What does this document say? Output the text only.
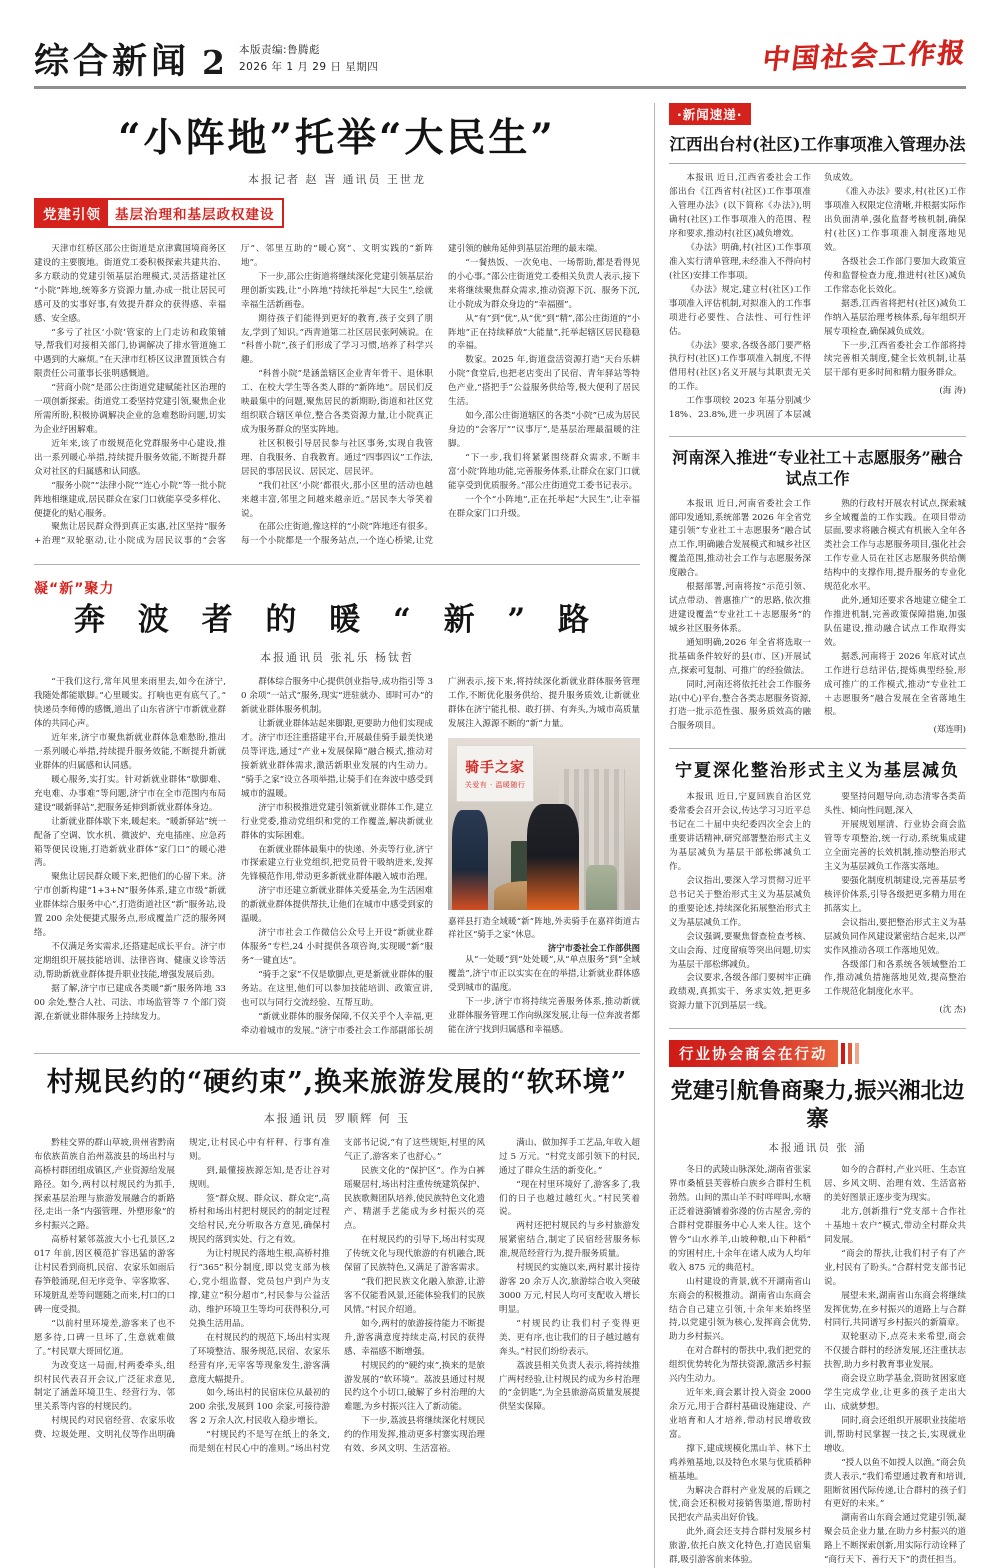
综合新闻 2 本版责编:鲁腾彪
2026 年 1 月 29 日 星期四	中国社会工作报
“小阵地”托举“大民生”
本报记者 赵 旾 通讯员 王世龙
党建引领	基层治理和基层政权建设

天津市红桥区邵公庄街道是京津冀国境商务区建设的主要腹地。街道党工委积极探索共建共治、多方联动的党建引领基层治理模式,灵活搭建社区“小院”阵地,统筹多方资源力量,办成一批让居民可感可及的实事好事,有效提升群众的获得感、幸福感、安全感。

“多亏了社区‘小院’管家的上门走访和政策辅导,帮我们对接相关部门,协调解决了排水管道施工中遇到的大麻烦。”在天津市红桥区议津置顶铁合有限责任公司董事长张明感慨道。

“营商小院”是邵公庄街道党建赋能社区治理的一项创新探索。街道党工委坚持党建引领,聚焦企业所需所盼,积极协调解决企业的急难愁盼问题,切实为企业纾困解难。

近年来,该了市级规范化党群服务中心建设,推出一系列暖心举措,持续提升服务效能,不断提升群众对社区的归属感和认同感。

“服务小院”“法律小院”“连心小院”等一批小院阵地相继建成,居民群众在家门口就能享受多样化、便捷化的贴心服务。

聚焦让居民群众得到真正实惠,社区坚持“服务+治理”双轮驱动,让小院成为居民议事的“会客厅”、邻里互助的“暖心窝”、文明实践的“新阵地”。

下一步,邵公庄街道将继续深化党建引领基层治理创新实践,让“小阵地”持续托举起“大民生”,绘就幸福生活新画卷。

期待孩子们能得到更好的教育,孩子交到了朋友,学到了知识。”西青道第二社区居民张阿姨说。在“科普小院”,孩子们形成了学习习惯,培养了科学兴趣。

“科普小院”是涵盖辖区企业青年骨干、退休职工、在校大学生等各类人群的“新阵地”。居民们反映最集中的问题,聚焦居民的新期盼,街道和社区党组织联合辖区单位,整合各类资源力量,让小院真正成为服务群众的坚实阵地。

社区积极引导居民参与社区事务,实现自我管理、自我服务、自我教育。通过“四事四议”工作法,居民的事居民议、居民定、居民评。

“我们社区‘小院’都很火,那小区里的活动也越来越丰富,邻里之间越来越亲近。”居民李大爷笑着说。

在邵公庄街道,像这样的“小院”阵地还有很多。每一个小院都是一个服务站点,一个连心桥梁,让党建引领的触角延伸到基层治理的最末端。

“一餐热饭、一次免电、一场帮助,都是看得见的小心事。”邵公庄街道党工委相关负责人表示,接下来将继续聚焦群众需求,推动资源下沉、服务下沉,让小院成为群众身边的“幸福圈”。

从“有”到“优”,从“优”到“精”,邵公庄街道的“小阵地”正在持续释放“大能量”,托举起辖区居民稳稳的幸福。

数家。2025 年,街道盘活资源打造“天台乐耕小院”食堂后,也把老店变出了民宿、青年驿站等特色产业,“搭把手”公益服务供给等,极大便利了居民生活。

如今,邵公庄街道辖区的各类“小院”已成为居民身边的“会客厅”“议事厅”,是基层治理最温暖的注脚。

“下一步,我们将紧紧围绕群众需求,不断丰富‘小院’阵地功能,完善服务体系,让群众在家门口就能享受到优质服务。”邵公庄街道党工委书记表示。

一个个“小阵地”,正在托举起“大民生”,让幸福在群众家门口升级。

凝“新”聚力
奔 波 者 的 暖 “ 新 ” 路
本报通讯员 张礼乐 杨钛哲

“干我们这行,常年风里来雨里去,如今在济宁,我随处都能歇脚。”心里暖实。打响也更有底气了。”快递员李师傅的感慨,道出了山东省济宁市新就业群体的共同心声。

近年来,济宁市聚焦新就业群体急难愁盼,推出一系列暖心举措,持续提升服务效能,不断提升新就业群体的归属感和认同感。

暖心服务,实打实。针对新就业群体“歇脚难、充电难、办事难”等问题,济宁市在全市范围内布局建设“暖新驿站”,把服务延伸到新就业群体身边。

让新就业群体歇下来,暖起来。“暖新驿站”统一配备了空调、饮水机、微波炉、充电插座、应急药箱等便民设施,打造新就业群体“家门口”的暖心港湾。

聚焦让居民群众暖下来,把他们的心留下来。济宁市创新构建“1+3+N”服务体系,建立市级“新就业群体综合服务中心”,打造街道社区“新”服务站,设置 200 余处便捷式服务点,形成覆盖广泛的服务网络。

不仅满足务实需求,还搭建起成长平台。济宁市定期组织开展技能培训、法律咨询、健康义诊等活动,帮助新就业群体提升职业技能,增强发展后劲。

据了解,济宁市已建成各类暖“新”服务阵地 3300 余处,整合人社、司法、市场监管等 7 个部门资源,在新就业群体服务上持续发力。

群体综合服务中心提供创业指导,成功指引等 30 余项“一站式”服务,现实“进驻就办、即时可办”的新就业群体服务机制。

让新就业群体站起来脚跟,更要助力他们实现成才。济宁市还注重搭建平台,开展最佳骑手最美快递员等评选,通过“产业+发展保障”融合模式,推动对接新就业群体需求,激活新职业发展的内生动力。“骑手之家”设立各项举措,让骑手们在奔波中感受到城市的温暖。

济宁市积极推进党建引领新就业群体工作,建立行业党委,推动党组织和党的工作覆盖,解决新就业群体的实际困难。

在新就业群体最集中的快递、外卖等行业,济宁市探索建立行业党组织,把党员骨干吸纳进来,发挥先锋模范作用,带动更多新就业群体融入城市治理。

济宁市还建立新就业群体关爱基金,为生活困难的新就业群体提供帮扶,让他们在城市中感受到家的温暖。

济宁市社会工作微信公众号上开设“新就业群体服务”专栏,24 小时提供各项咨询,实现暖“新”服务“一键直达”。

“骑手之家”不仅是歇脚点,更是新就业群体的服务站。在这里,他们可以参加技能培训、政策宣讲,也可以与同行交流经验、互帮互助。

“新就业群体的服务保障,不仅关乎个人幸福,更牵动着城市的发展。”济宁市委社会工作部副部长胡广洲表示,接下来,将持续深化新就业群体服务管理工作,不断优化服务供给、提升服务质效,让新就业群体在济宁能扎根、敢打拼、有奔头,为城市高质量发展注入源源不断的“新”力量。

骑手之家
关爱有 · 温暖随行
嘉祥县打造全域暖“新”阵地,外卖骑手在嘉祥街道古祥社区“骑手之家”休息。
济宁市委社会工作部供图

从“一处暖”到“处处暖”,从“单点服务”到“全域覆盖”,济宁市正以实实在在的举措,让新就业群体感受到城市的温度。

下一步,济宁市将持续完善服务体系,推动新就业群体服务管理工作向纵深发展,让每一位奔波者都能在济宁找到归属感和幸福感。

村规民约的“硬约束”,换来旅游发展的“软环境”
本报通讯员 罗顺辉 何 玉

黔桂交界的群山草坡,贵州省黔南布依族苗族自治州荔波县的场出村与高桥村群团组成镇区,产业资源给发展路径。如今,两村以村规民约为抓手,探索基层治理与旅游发展融合的新路径,走出一条“内强管理、外塑形象”的乡村振兴之路。

高桥村紧邻荔波大小七孔景区,2017 年前,因区模范扩容迅猛的游客让村民看到商机,民宿、农家乐如雨后春笋般涌现,但无序竞争、宰客欺客、环境脏乱差等问题随之而来,村口的口碑一度受损。

“以前村里环境差,游客来了也不愿多待,口碑一旦坏了,生意就难做了。”村民覃大哥回忆道。

为改变这一局面,村两委牵头,组织村民代表召开会议,广泛征求意见,制定了涵盖环境卫生、经营行为、邻里关系等内容的村规民约。

村规民约对民宿经营、农家乐收费、垃圾处理、文明礼仪等作出明确规定,让村民心中有杆秤、行事有准则。

到,最懂接族源怎知,是否让谷对规则。

签“群众规、群众议、群众定”,高桥村和场出村把村规民约的制定过程交给村民,充分听取各方意见,确保村规民约落到实处、行之有效。

为让村规民约落地生根,高桥村推行“365”积分制度,即以党支部为核心,党小组监督、党员包户到户为支撑,建立“积分超市”,村民参与公益活动、维护环境卫生等均可获得积分,可兑换生活用品。

在村规民约的规范下,场出村实现了环境整洁、服务规范,民宿、农家乐经营有序,无宰客等现象发生,游客满意度大幅提升。

如今,场出村的民宿床位从最初的 200 余张,发展到 100 余家,可接待游客 2 万余人次,村民收入稳步增长。

“村规民约不是写在纸上的条文,而是刻在村民心中的准则。”场出村党支部书记说,“有了这些规矩,村里的风气正了,游客来了也舒心。”

民族文化的“保护区”。作为白裤瑶聚居村,场出村注重传统建筑保护、民族歌舞团队培养,使民族特色文化遗产、精湛手艺能成为乡村振兴的亮点。

在村规民约的引导下,场出村实现了传统文化与现代旅游的有机融合,既保留了民族特色,又满足了游客需求。

“我们把民族文化融入旅游,让游客不仅能看风景,还能体验我们的民族风情。”村民介绍道。

如今,两村的旅游接待能力不断提升,游客满意度持续走高,村民的获得感、幸福感不断增强。

村规民约的“硬约束”,换来的是旅游发展的“软环境”。荔波县通过村规民约这个小切口,破解了乡村治理的大难题,为乡村振兴注入了新动能。

下一步,荔波县将继续深化村规民约的作用发挥,推动更多村寨实现治理有效、乡风文明、生活富裕。

满山、做加挥手工艺品,年收入超过 5 万元。“村党支部引领下的村民,通过了群众生活的新变化。”

“现在村里环境好了,游客多了,我们的日子也越过越红火。”村民笑着说。

两村还把村规民约与乡村旅游发展紧密结合,制定了民宿经营服务标准,规范经营行为,提升服务质量。

村规民约实施以来,两村累计接待游客 20 余万人次,旅游综合收入突破 3000 万元,村民人均可支配收入增长明显。

“村规民约让我们村子变得更美、更有序,也让我们的日子越过越有奔头。”村民们纷纷表示。

荔波县相关负责人表示,将持续推广两村经验,让村规民约成为乡村治理的“金钥匙”,为全县旅游高质量发展提供坚实保障。

·新闻速递·
江西出台村(社区)工作事项准入管理办法

本报讯 近日,江西省委社会工作部出台《江西省村(社区)工作事项准入管理办法》(以下简称《办法》),明确村(社区)工作事项准入的范围、程序和要求,推动村(社区)减负增效。

《办法》明确,村(社区)工作事项准入实行清单管理,未经准入不得向村(社区)安排工作事项。

《办法》规定,建立村(社区)工作事项准入评估机制,对拟准入的工作事项进行必要性、合法性、可行性评估。

《办法》要求,各级各部门要严格执行村(社区)工作事项准入制度,不得借用村(社区)名义开展与其职责无关的工作。

工作事项较 2023 年基分别减少 18%、23.8%,进一步巩固了本层减负成效。

《准入办法》要求,村(社区)工作事项准入权限定位清晰,并根据实际作出负面清单,强化监督考核机制,确保村(社区)工作事项准入制度落地见效。

各级社会工作部门要加大政策宣传和监督检查力度,推进村(社区)减负工作常态化长效化。

据悉,江西省将把村(社区)减负工作纳入基层治理考核体系,每年组织开展专项检查,确保减负成效。

下一步,江西省委社会工作部将持续完善相关制度,健全长效机制,让基层干部有更多时间和精力服务群众。

(海 涛)
河南深入推进“专业社工＋志愿服务”融合试点工作

本报讯 近日,河南省委社会工作部印发通知,系统部署 2026 年全省党建引领“专业社工＋志愿服务”融合试点工作,明确融合发展模式和城乡社区覆盖范围,推动社会工作与志愿服务深度融合。

根据部署,河南将按“示范引领、试点带动、普惠推广”的思路,依次推进建设覆盖“专业社工＋志愿服务”的城乡社区服务体系。

通知明确,2026 年全省将选取一批基础条件较好的县(市、区)开展试点,探索可复制、可推广的经验做法。

同时,河南还将依托社会工作服务站(中心)平台,整合各类志愿服务资源,打造一批示范性强、服务质效高的融合服务项目。

熟的行政村开展农村试点,探索城乡全域覆盖的工作实践。在项目带动层面,要求将融合模式有机嵌入全年各类社会工作与志愿服务项目,强化社会工作专业人员在社区志愿服务供给侧结构中的支撑作用,提升服务的专业化规范化水平。

此外,通知还要求各地建立健全工作推进机制,完善政策保障措施,加强队伍建设,推动融合试点工作取得实效。

据悉,河南将于 2026 年底对试点工作进行总结评估,提炼典型经验,形成可推广的工作模式,推动“专业社工＋志愿服务”融合发展在全省落地生根。

(郑连明)
宁夏深化整治形式主义为基层减负

本报讯 近日,宁夏回族自治区党委常委会召开会议,传达学习习近平总书记在二十届中央纪委四次全会上的重要讲话精神,研究部署整治形式主义为基层减负为基层干部松绑减负工作。

会议指出,要深入学习贯彻习近平总书记关于整治形式主义为基层减负的重要论述,持续深化拓展整治形式主义为基层减负工作。

会议强调,要聚焦督查检查考核、文山会海、过度留痕等突出问题,切实为基层干部松绑减负。

会议要求,各级各部门要树牢正确政绩观,真抓实干、务求实效,把更多资源力量下沉到基层一线。

要坚持问题导向,动态清零各类苗头性、倾向性问题,深入

开展规划厘清、行业协会商会监管等专项整治,统一行动,系统集成建立全面完善的长效机制,推动整治形式主义为基层减负工作落实落地。

要强化制度机制建设,完善基层考核评价体系,引导各级把更多精力用在抓落实上。

会议指出,要把整治形式主义为基层减负同作风建设紧密结合起来,以严实作风推动各项工作落地见效。

各级部门和各系统各领域整治工作,推动减负措施落地见效,提高整治工作规范化制度化水平。

(沈 杰)
行业协会商会在行动
党建引航鲁商聚力,振兴湘北边寨
本报通讯员 张 涌

冬日的武陵山脉深处,湖南省张家界市桑植县芙蓉桥白族乡合群村生机勃然。山间的黑山羊不时咩咩叫,水塘正泛着涟漪铺着弥漫的仿古屋舍,旁的合群村党群服务中心人来人往。这个曾今“山水养羊,山坡种粮,山下种稻”的穷困村庄,十余年在诸人成为人均年收入 875 元的典范村。

山村建设的背景,就不开湖南省山东商会的积极推动。湖南省山东商会结合自己建立引领,十余年来始终坚持,以党建引领为核心,发挥商会优势,助力乡村振兴。

在对合群村的帮扶中,我们把党的组织优势转化为帮扶资源,激活乡村振兴内生动力。

近年来,商会累计投入资金 2000 余万元,用于合群村基础设施建设、产业培育和人才培养,带动村民增收致富。

撑下,建成规模化黑山羊、林下土鸡养殖基地,以及特色水果与优质稻种植基地。

为解决合群村产业发展的后顾之忧,商会还积极对接销售渠道,帮助村民把农产品卖出好价钱。

此外,商会还支持合群村发展乡村旅游,依托白族文化特色,打造民宿集群,吸引游客前来体验。

如今的合群村,产业兴旺、生态宜居、乡风文明、治理有效、生活富裕的美好图景正逐步变为现实。

北方,创新推行“党支部＋合作社＋基地＋农户”模式,带动全村群众共同发展。

“商会的帮扶,让我们村子有了产业,村民有了盼头。”合群村党支部书记说。

展望未来,湖南省山东商会将继续发挥优势,在乡村振兴的道路上与合群村同行,共同谱写乡村振兴的新篇章。

双轮驱动下,点亮未来希望,商会不仅援合群村的经济发展,还注重扶志扶智,助力乡村教育事业发展。

商会设立助学基金,资助贫困家庭学生完成学业,让更多的孩子走出大山、成就梦想。

同时,商会还组织开展职业技能培训,帮助村民掌握一技之长,实现就业增收。

“授人以鱼不如授人以渔。”商会负责人表示,“我们希望通过教育和培训,阻断贫困代际传递,让合群村的孩子们有更好的未来。”

湖南省山东商会通过党建引领,凝聚会员企业力量,在助力乡村振兴的道路上不断探索创新,用实际行动诠释了“商行天下、善行天下”的责任担当。
